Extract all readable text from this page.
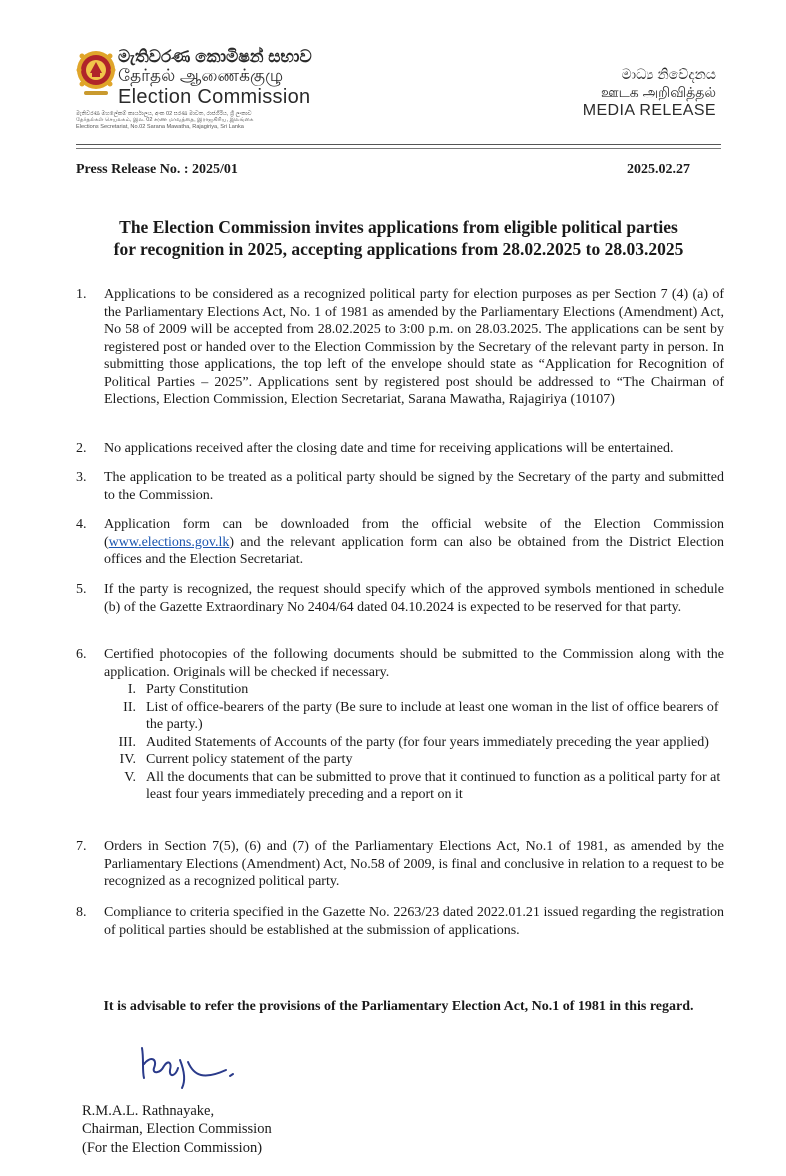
මැතිවරණ කොමිෂන් සභාව
தேர்தல் ஆணைக்குழு
Election Commission
මැතිවරණ මහලේකම් කාර්යාලය, අංක 02 සරණ මාවත, රාජගිරිය, ශ්‍රී ලංකාව
தேர்தல்கள் செயலகம், இல. 02 சரண மாவத்தை, இராஜகிரிய, இலங்கை
Elections Secretariat, No.02 Sarana Mawatha, Rajagiriya, Sri Lanka
මාධ්‍ය නිවේදනය
ஊடக அறிவித்தல்
MEDIA RELEASE
Press Release No. : 2025/01	2025.02.27
The Election Commission invites applications from eligible political parties
for recognition in 2025, accepting applications from 28.02.2025 to 28.03.2025
1.	Applications to be considered as a recognized political party for election purposes as per Section 7 (4) (a) of the Parliamentary Elections Act, No. 1 of 1981 as amended by the Parliamentary Elections (Amendment) Act, No 58 of 2009 will be accepted from 28.02.2025 to 3:00 p.m. on 28.03.2025. The applications can be sent by registered post or handed over to the Election Commission by the Secretary of the relevant party in person. In submitting those applications, the top left of the envelope should state as “Application for Recognition of Political Parties – 2025”. Applications sent by registered post should be addressed to “The Chairman of Elections, Election Commission, Election Secretariat, Sarana Mawatha, Rajagiriya (10107)
2.	No applications received after the closing date and time for receiving applications will be entertained.
3.	The application to be treated as a political party should be signed by the Secretary of the party and submitted to the Commission.
4.	Application form can be downloaded from the official website of the Election Commission (www.elections.gov.lk) and the relevant application form can also be obtained from the District Election offices and the Election Secretariat.
5.	If the party is recognized, the request should specify which of the approved symbols mentioned in schedule (b) of the Gazette Extraordinary No 2404/64 dated 04.10.2024 is expected to be reserved for that party.
6.	Certified photocopies of the following documents should be submitted to the Commission along with the application. Originals will be checked if necessary.
I. Party Constitution
II. List of office-bearers of the party (Be sure to include at least one woman in the list of office bearers of the party.)
III. Audited Statements of Accounts of the party (for four years immediately preceding the year applied)
IV. Current policy statement of the party
V. All the documents that can be submitted to prove that it continued to function as a political party for at least four years immediately preceding and a report on it
7.	Orders in Section 7(5), (6) and (7) of the Parliamentary Elections Act, No.1 of 1981, as amended by the Parliamentary Elections (Amendment) Act, No.58 of 2009, is final and conclusive in relation to a request to be recognized as a recognized political party.
8.	Compliance to criteria specified in the Gazette No. 2263/23 dated 2022.01.21 issued regarding the registration of political parties should be established at the submission of applications.
It is advisable to refer the provisions of the Parliamentary Election Act, No.1 of 1981 in this regard.
R.M.A.L. Rathnayake,
Chairman, Election Commission
(For the Election Commission)
